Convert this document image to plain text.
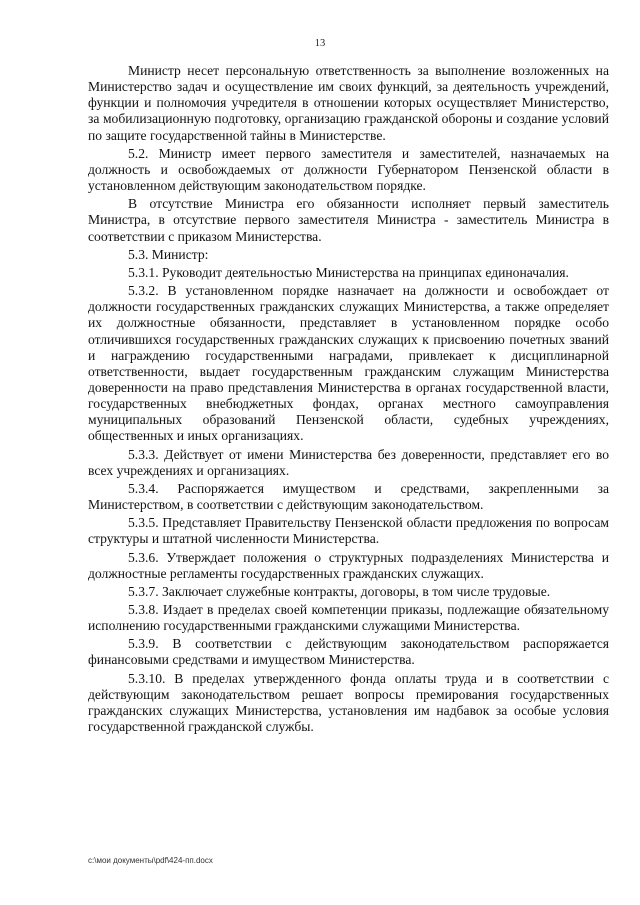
13

Министр несет персональную ответственность за выполнение возложенных на Министерство задач и осуществление им своих функций, за деятельность учреждений, функции и полномочия учредителя в отношении которых осуществляет Министерство, за мобилизационную подготовку, организацию гражданской обороны и создание условий по защите государственной тайны в Министерстве.

5.2. Министр имеет первого заместителя и заместителей, назначаемых на должность и освобождаемых от должности Губернатором Пензенской области в установленном действующим законодательством порядке.

В отсутствие Министра его обязанности исполняет первый заместитель Министра, в отсутствие первого заместителя Министра - заместитель Министра в соответствии с приказом Министерства.

5.3. Министр:

5.3.1. Руководит деятельностью Министерства на принципах единоначалия.

5.3.2. В установленном порядке назначает на должности и освобождает от должности государственных гражданских служащих Министерства, а также определяет их должностные обязанности, представляет в установленном порядке особо отличившихся государственных гражданских служащих к присвоению почетных званий и награждению государственными наградами, привлекает к дисциплинарной ответственности, выдает государственным гражданским служащим Министерства доверенности на право представления Министерства в органах государственной власти, государственных внебюджетных фондах, органах местного самоуправления муниципальных образований Пензенской области, судебных учреждениях, общественных и иных организациях.

5.3.3. Действует от имени Министерства без доверенности, представляет его во всех учреждениях и организациях.

5.3.4. Распоряжается имуществом и средствами, закрепленными за Министерством, в соответствии с действующим законодательством.

5.3.5. Представляет Правительству Пензенской области предложения по вопросам структуры и штатной численности Министерства.

5.3.6. Утверждает положения о структурных подразделениях Министерства и должностные регламенты государственных гражданских служащих.

5.3.7. Заключает служебные контракты, договоры, в том числе трудовые.

5.3.8. Издает в пределах своей компетенции приказы, подлежащие обязательному исполнению государственными гражданскими служащими Министерства.

5.3.9. В соответствии с действующим законодательством распоряжается финансовыми средствами и имуществом Министерства.

5.3.10. В пределах утвержденного фонда оплаты труда и в соответствии с действующим законодательством решает вопросы премирования государственных гражданских служащих Министерства, установления им надбавок за особые условия государственной гражданской службы.

c:\мои документы\pdf\424-пп.docx
